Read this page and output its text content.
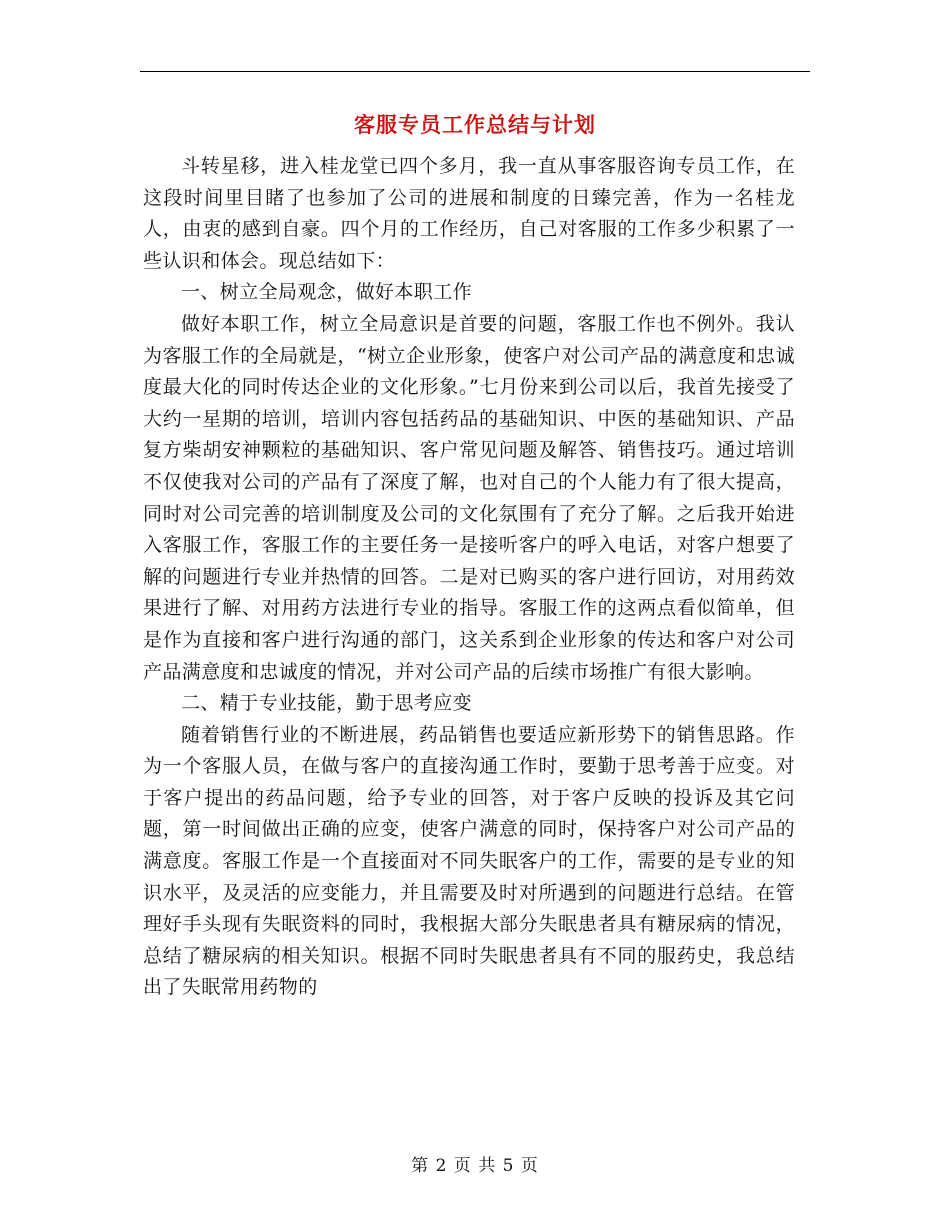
客服专员工作总结与计划

斗转星移，进入桂龙堂已四个多月，我一直从事客服咨询专员工作，在这段时间里目睹了也参加了公司的进展和制度的日臻完善，作为一名桂龙人，由衷的感到自豪。四个月的工作经历，自己对客服的工作多少积累了一些认识和体会。现总结如下：

一、树立全局观念，做好本职工作

做好本职工作，树立全局意识是首要的问题，客服工作也不例外。我认为客服工作的全局就是，“树立企业形象，使客户对公司产品的满意度和忠诚度最大化的同时传达企业的文化形象。”七月份来到公司以后，我首先接受了大约一星期的培训，培训内容包括药品的基础知识、中医的基础知识、产品复方柴胡安神颗粒的基础知识、客户常见问题及解答、销售技巧。通过培训不仅使我对公司的产品有了深度了解，也对自己的个人能力有了很大提高，同时对公司完善的培训制度及公司的文化氛围有了充分了解。之后我开始进入客服工作，客服工作的主要任务一是接听客户的呼入电话，对客户想要了解的问题进行专业并热情的回答。二是对已购买的客户进行回访，对用药效果进行了解、对用药方法进行专业的指导。客服工作的这两点看似简单，但是作为直接和客户进行沟通的部门，这关系到企业形象的传达和客户对公司产品满意度和忠诚度的情况，并对公司产品的后续市场推广有很大影响。

二、精于专业技能，勤于思考应变

随着销售行业的不断进展，药品销售也要适应新形势下的销售思路。作为一个客服人员，在做与客户的直接沟通工作时，要勤于思考善于应变。对于客户提出的药品问题，给予专业的回答，对于客户反映的投诉及其它问题，第一时间做出正确的应变，使客户满意的同时，保持客户对公司产品的满意度。客服工作是一个直接面对不同失眠客户的工作，需要的是专业的知识水平，及灵活的应变能力，并且需要及时对所遇到的问题进行总结。在管理好手头现有失眠资料的同时，我根据大部分失眠患者具有糖尿病的情况，总结了糖尿病的相关知识。根据不同时失眠患者具有不同的服药史，我总结出了失眠常用药物的

第 2 页 共 5 页
